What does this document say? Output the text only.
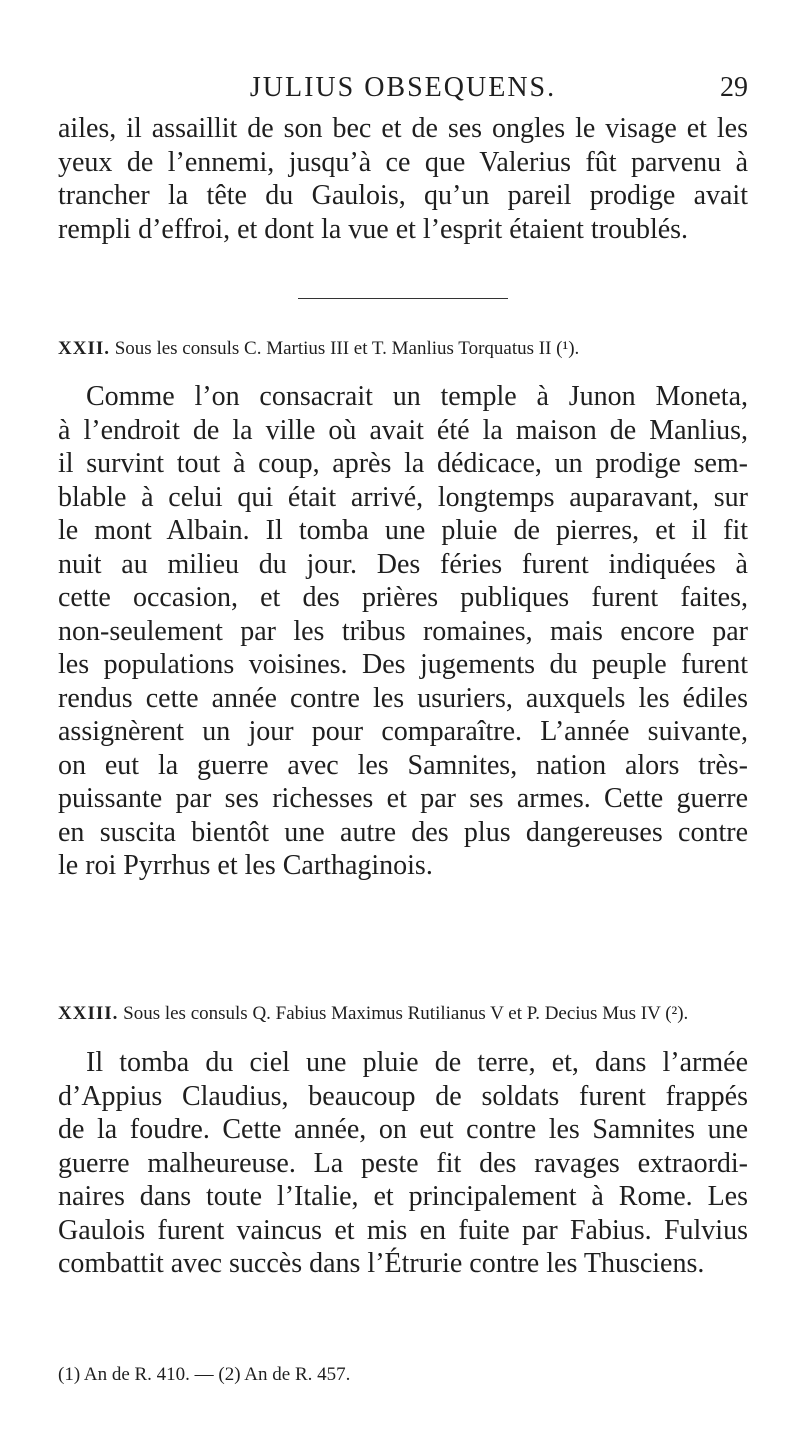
JULIUS OBSEQUENS.	29
ailes, il assaillit de son bec et de ses ongles le visage et les
yeux de l’ennemi, jusqu’à ce que Valerius fût parvenu à
trancher la tête du Gaulois, qu’un pareil prodige avait
rempli d’effroi, et dont la vue et l’esprit étaient troublés.
XXII. Sous les consuls C. Martius III et T. Manlius Torquatus II (¹).
Comme l’on consacrait un temple à Junon Moneta,
à l’endroit de la ville où avait été la maison de Manlius,
il survint tout à coup, après la dédicace, un prodige sem-
blable à celui qui était arrivé, longtemps auparavant, sur
le mont Albain. Il tomba une pluie de pierres, et il fit
nuit au milieu du jour. Des féries furent indiquées à
cette occasion, et des prières publiques furent faites,
non-seulement par les tribus romaines, mais encore par
les populations voisines. Des jugements du peuple furent
rendus cette année contre les usuriers, auxquels les édiles
assignèrent un jour pour comparaître. L’année suivante,
on eut la guerre avec les Samnites, nation alors très-
puissante par ses richesses et par ses armes. Cette guerre
en suscita bientôt une autre des plus dangereuses contre
le roi Pyrrhus et les Carthaginois.
XXIII. Sous les consuls Q. Fabius Maximus Rutilianus V et P. Decius Mus IV (²).
Il tomba du ciel une pluie de terre, et, dans l’armée
d’Appius Claudius, beaucoup de soldats furent frappés
de la foudre. Cette année, on eut contre les Samnites une
guerre malheureuse. La peste fit des ravages extraordi-
naires dans toute l’Italie, et principalement à Rome. Les
Gaulois furent vaincus et mis en fuite par Fabius. Fulvius
combattit avec succès dans l’Étrurie contre les Thusciens.
(1) An de R. 410. — (2) An de R. 457.
